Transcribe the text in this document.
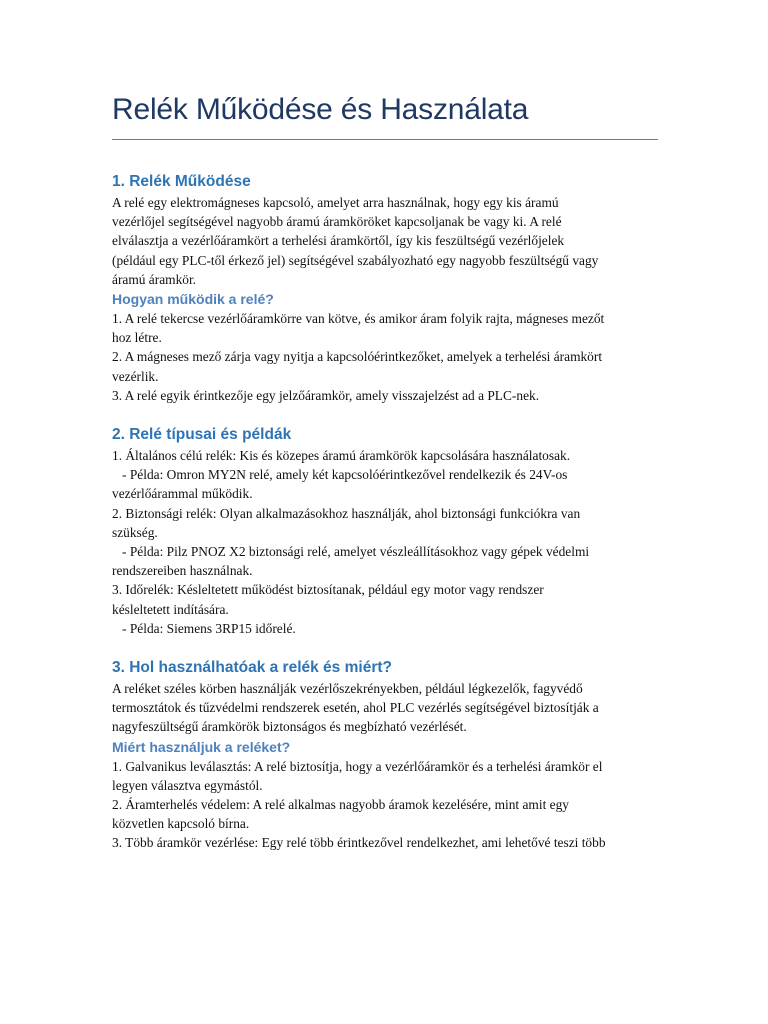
Relék Működése és Használata
1. Relék Működése

A relé egy elektromágneses kapcsoló, amelyet arra használnak, hogy egy kis áramú

vezérlőjel segítségével nagyobb áramú áramköröket kapcsoljanak be vagy ki. A relé

elválasztja a vezérlőáramkört a terhelési áramkörtől, így kis feszültségű vezérlőjelek

(például egy PLC-től érkező jel) segítségével szabályozható egy nagyobb feszültségű vagy

áramú áramkör.

Hogyan működik a relé?

1. A relé tekercse vezérlőáramkörre van kötve, és amikor áram folyik rajta, mágneses mezőt

hoz létre.

2. A mágneses mező zárja vagy nyitja a kapcsolóérintkezőket, amelyek a terhelési áramkört

vezérlik.

3. A relé egyik érintkezője egy jelzőáramkör, amely visszajelzést ad a PLC-nek.

2. Relé típusai és példák

1. Általános célú relék: Kis és közepes áramú áramkörök kapcsolására használatosak.

- Példa: Omron MY2N relé, amely két kapcsolóérintkezővel rendelkezik és 24V-os

vezérlőárammal működik.

2. Biztonsági relék: Olyan alkalmazásokhoz használják, ahol biztonsági funkciókra van

szükség.

- Példa: Pilz PNOZ X2 biztonsági relé, amelyet vészleállításokhoz vagy gépek védelmi

rendszereiben használnak.

3. Időrelék: Késleltetett működést biztosítanak, például egy motor vagy rendszer

késleltetett indítására.

- Példa: Siemens 3RP15 időrelé.

3. Hol használhatóak a relék és miért?

A reléket széles körben használják vezérlőszekrényekben, például légkezelők, fagyvédő

termosztátok és tűzvédelmi rendszerek esetén, ahol PLC vezérlés segítségével biztosítják a

nagyfeszültségű áramkörök biztonságos és megbízható vezérlését.

Miért használjuk a reléket?

1. Galvanikus leválasztás: A relé biztosítja, hogy a vezérlőáramkör és a terhelési áramkör el

legyen választva egymástól.

2. Áramterhelés védelem: A relé alkalmas nagyobb áramok kezelésére, mint amit egy

közvetlen kapcsoló bírna.

3. Több áramkör vezérlése: Egy relé több érintkezővel rendelkezhet, ami lehetővé teszi több
